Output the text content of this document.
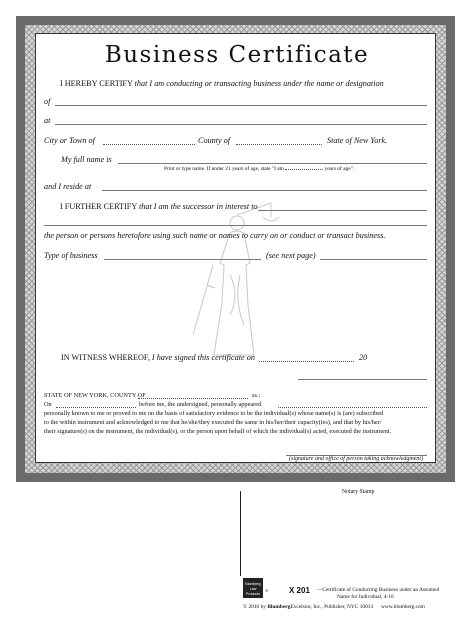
Business Certificate
I HEREBY CERTIFY that I am conducting or transacting business under the name or designation
of
at
City or Town of	County of	State of New York.
My full name is
Print or type name. If under 21 years of age, state "I am	years of age".
and I reside at
I FURTHER CERTIFY that I am the successor in interest to
the person or persons heretofore using such name or names to carry on or conduct or transact business.
Type of business	(see next page)
IN WITNESS WHEREOF, I have signed this certificate on	20
STATE OF NEW YORK, COUNTY OF	ss.:
On	before me, the undersigned, personally appeared
personally known to me or proved to me on the basis of satisfactory evidence to be the individual(s) whose name(s) is (are) subscribed
to the within instrument and acknowledged to me that he/she/they executed the same in his/her/their capacity(ies), and that by his/her/
their signature(s) on the instrument, the individual(s), or the person upon behalf of which the individual(s) acted, executed the instrument.
(signature and office of person taking acknowledgment)
Notary Stamp
Blumberg
Law Products
®	X 201 —Certificate of Conducting Business under an Assumed
Name for Individual, 4-10
© 2010 by BlumbergExcelsior, Inc., Publisher, NYC 10013 www.blumberg.com
